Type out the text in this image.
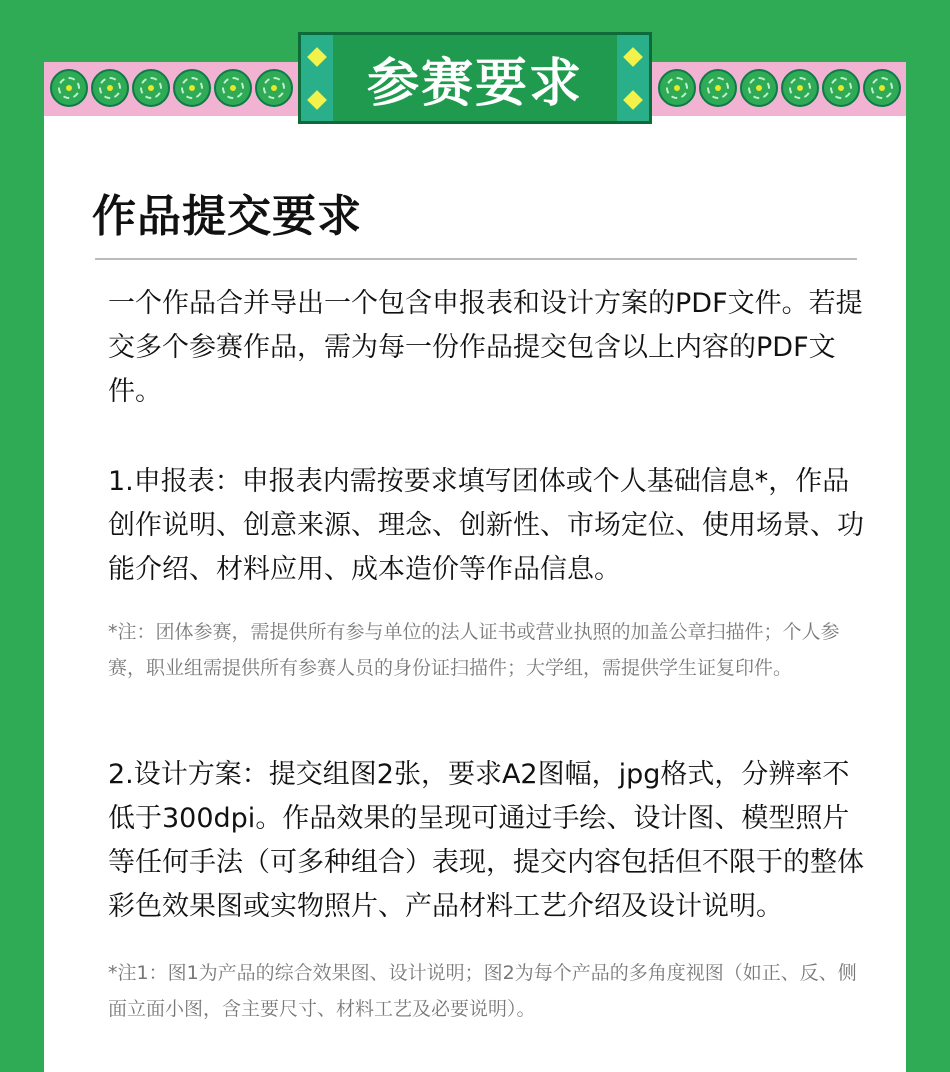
参赛要求
作品提交要求

一个作品合并导出一个包含申报表和设计方案的PDF文件。若提交多个参赛作品，需为每一份作品提交包含以上内容的PDF文件。

1.申报表：申报表内需按要求填写团体或个人基础信息*，作品创作说明、创意来源、理念、创新性、市场定位、使用场景、功能介绍、材料应用、成本造价等作品信息。

*注：团体参赛，需提供所有参与单位的法人证书或营业执照的加盖公章扫描件；个人参赛，职业组需提供所有参赛人员的身份证扫描件；大学组，需提供学生证复印件。

2.设计方案：提交组图2张，要求A2图幅，jpg格式，分辨率不低于300dpi。作品效果的呈现可通过手绘、设计图、模型照片等任何手法（可多种组合）表现，提交内容包括但不限于的整体彩色效果图或实物照片、产品材料工艺介绍及设计说明。

*注1：图1为产品的综合效果图、设计说明；图2为每个产品的多角度视图（如正、反、侧面立面小图，含主要尺寸、材料工艺及必要说明）。
